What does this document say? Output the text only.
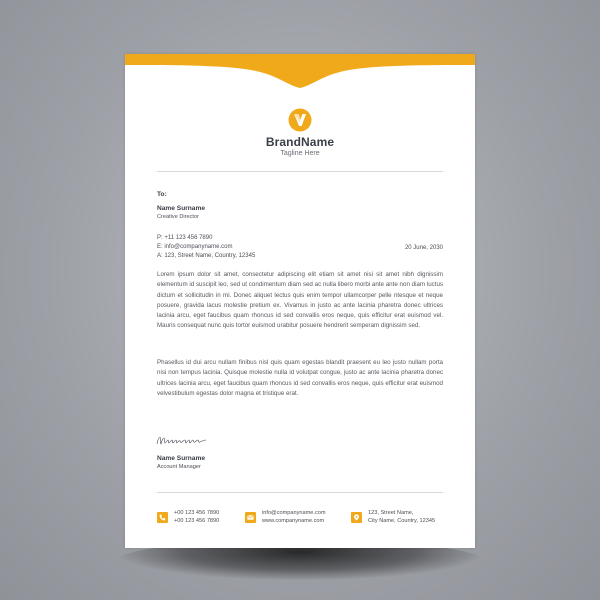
BrandName
Tagline Here
To:
Name Surname
Creative Director
P: +11 123 456 7890
E: info@companyname.com
A: 123, Street Name, Country, 12345
20 June, 2030
Lorem ipsum dolor sit amet, consectetur adipiscing elit etiam sit amet nisi sit amet nibh dignissim elementum id suscipit leo, sed ut condimentum diam sed ac nulla libero morbi ante ante non diam luctus dictum et sollicitudin in mi. Donec aliquet lectus quis enim tempor ullamcorper pelle ntesque et neque posuere, gravida lacus molestie pretium ex. Vivamus in justo ac ante lacinia pharetra donec ultrices lacinia arcu, eget faucibus quam rhoncus id sed convallis eros neque, quis efficitur erat euismod vel. Mauris consequat nunc quis tortor euismod urabitur posuere hendrerit semperam dignissim sed.
Phasellus id dui arcu nullam finibus nisl quis quam egestas blandit praesent eu leo justo nullam porta nisi non tempus lacinia. Quisque molestie nulla id volutpat congue, justo ac ante lacinia pharetra donec ultrices lacinia arcu, eget faucibus quam rhoncus id sed convallis eros neque, quis efficitur erat euismod velvestibulum egestas dolor magna et tristique erat.
Name Surname
Account Manager
+00 123 456 7890
+00 123 456 7890
info@companyname.com
www.companyname.com
123, Street Name,
City Name, Country, 12345
